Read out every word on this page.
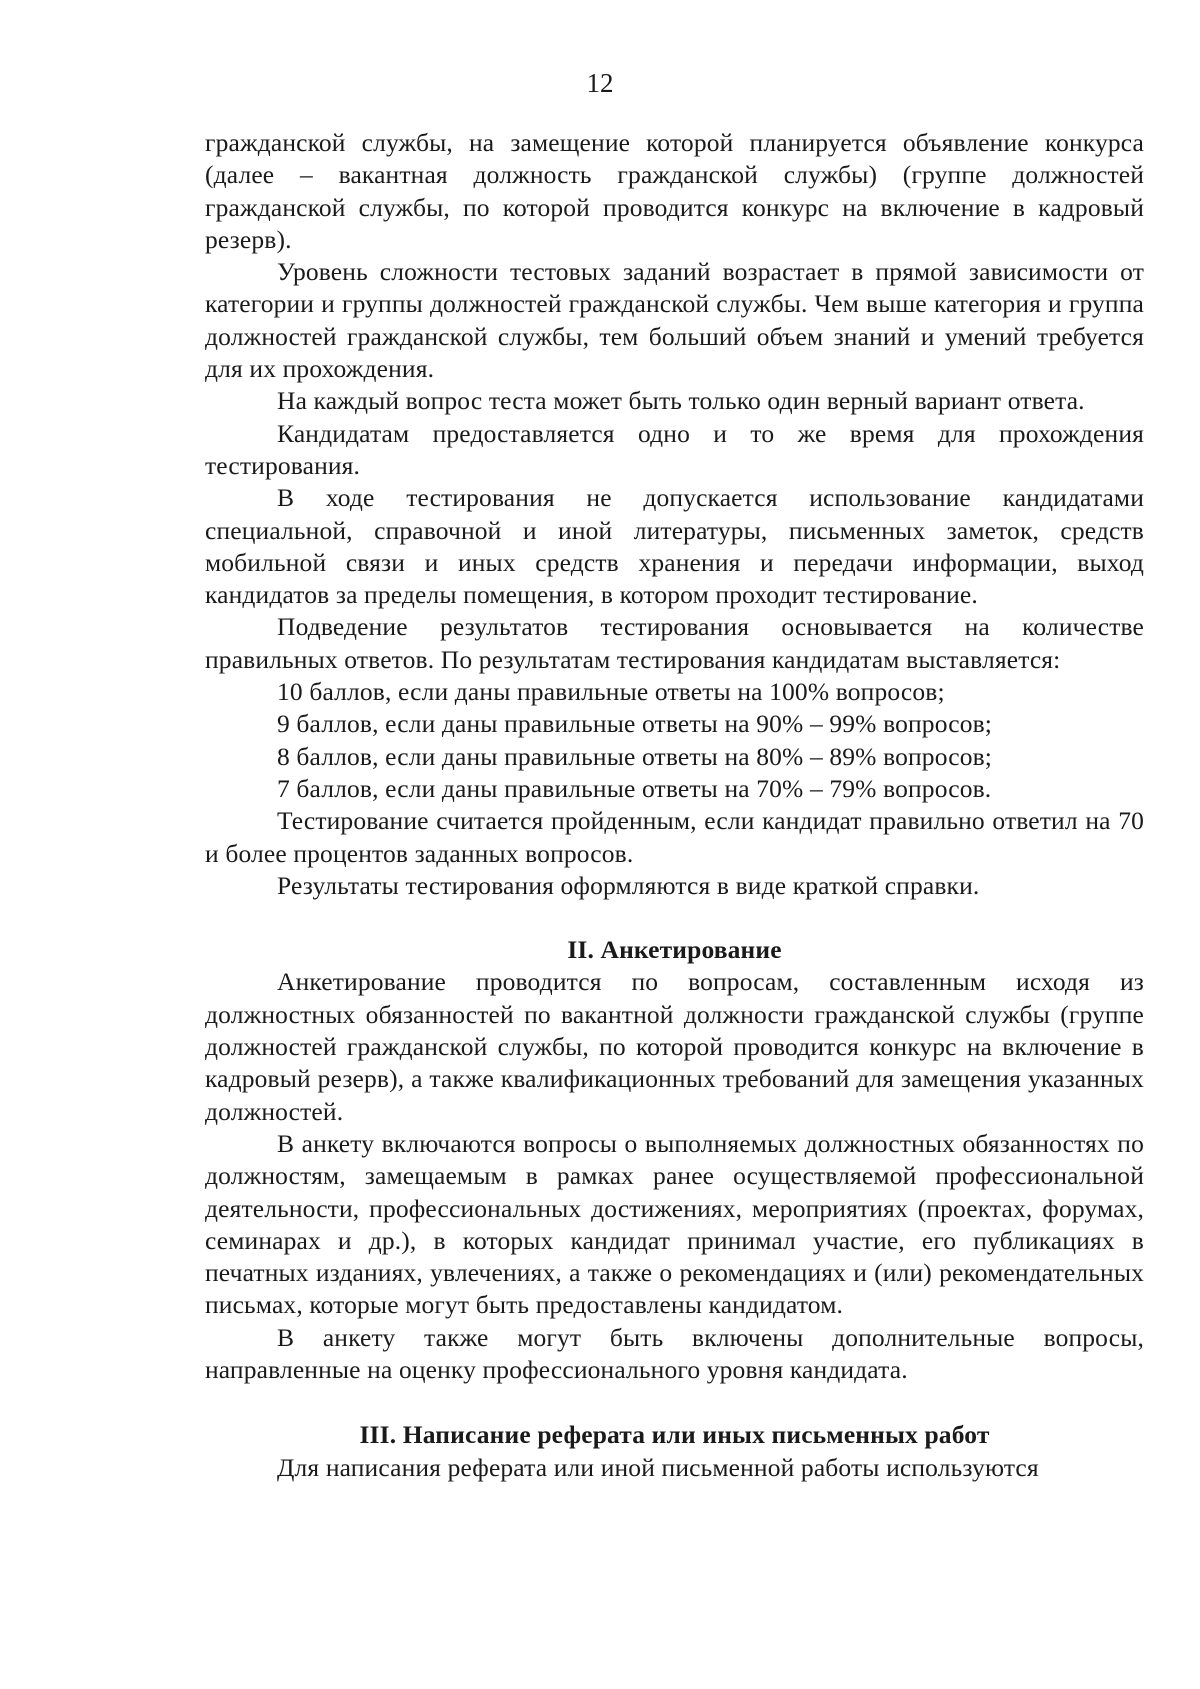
12

гражданской службы, на замещение которой планируется объявление конкурса (далее – вакантная должность гражданской службы) (группе должностей гражданской службы, по которой проводится конкурс на включение в кадровый резерв).

Уровень сложности тестовых заданий возрастает в прямой зависимости от категории и группы должностей гражданской службы. Чем выше категория и группа должностей гражданской службы, тем больший объем знаний и умений требуется для их прохождения.

На каждый вопрос теста может быть только один верный вариант ответа.

Кандидатам предоставляется одно и то же время для прохождения тестирования.

В ходе тестирования не допускается использование кандидатами специальной, справочной и иной литературы, письменных заметок, средств мобильной связи и иных средств хранения и передачи информации, выход кандидатов за пределы помещения, в котором проходит тестирование.

Подведение результатов тестирования основывается на количестве правильных ответов. По результатам тестирования кандидатам выставляется:

10 баллов, если даны правильные ответы на 100% вопросов;

9 баллов, если даны правильные ответы на 90% – 99% вопросов;

8 баллов, если даны правильные ответы на 80% – 89% вопросов;

7 баллов, если даны правильные ответы на 70% – 79% вопросов.

Тестирование считается пройденным, если кандидат правильно ответил на 70 и более процентов заданных вопросов.

Результаты тестирования оформляются в виде краткой справки.

II. Анкетирование

Анкетирование проводится по вопросам, составленным исходя из должностных обязанностей по вакантной должности гражданской службы (группе должностей гражданской службы, по которой проводится конкурс на включение в кадровый резерв), а также квалификационных требований для замещения указанных должностей.

В анкету включаются вопросы о выполняемых должностных обязанностях по должностям, замещаемым в рамках ранее осуществляемой профессиональной деятельности, профессиональных достижениях, мероприятиях (проектах, форумах, семинарах и др.), в которых кандидат принимал участие, его публикациях в печатных изданиях, увлечениях, а также о рекомендациях и (или) рекомендательных письмах, которые могут быть предоставлены кандидатом.

В анкету также могут быть включены дополнительные вопросы, направленные на оценку профессионального уровня кандидата.

III. Написание реферата или иных письменных работ

Для написания реферата или иной письменной работы используются
